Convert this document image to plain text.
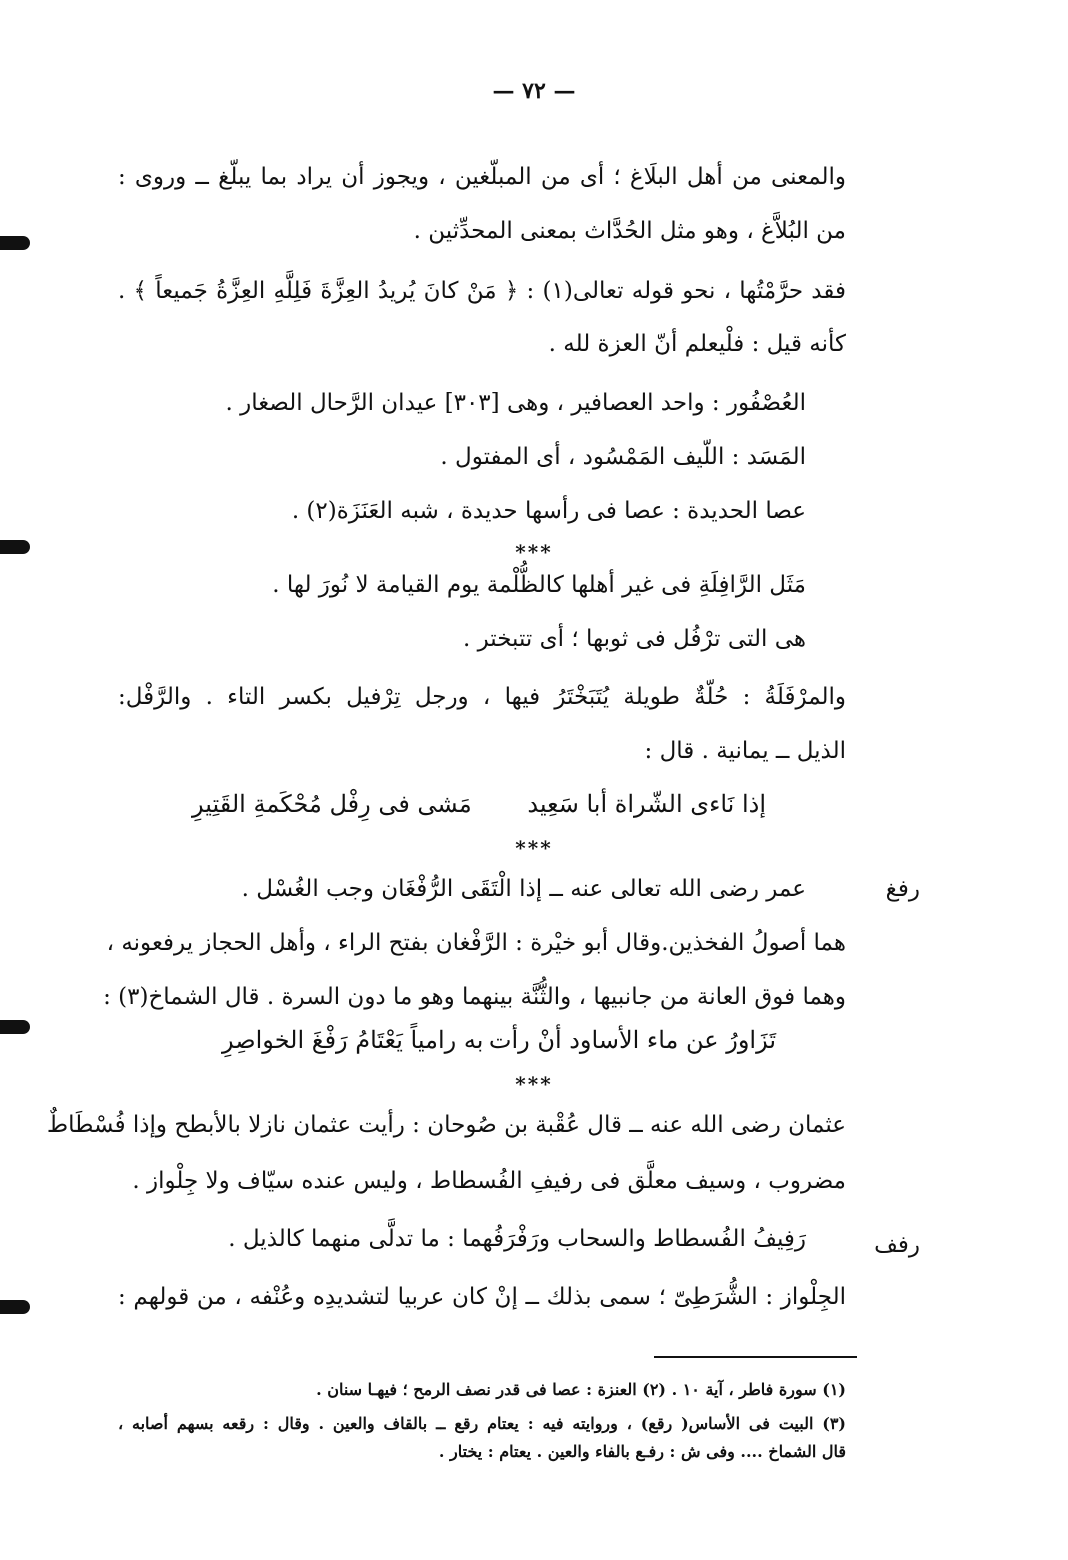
— ٧٢ —
والمعنى من أهل البلَاغ ؛ أى من المبلّغين ، ويجوز أن يراد بما يبلّغ ــ وروى :
من البُلاَّغ ، وهو مثل الحُدَّاث بمعنى المحدِّثين .
فقد حرَّمْتُها ، نحو قوله تعالى(١) : ﴿ مَنْ كانَ يُريدُ العِزَّةَ فَلِلَّهِ العِزَّةُ جَميعاً ﴾ .
كأنه قيل : فلْيعلم أنّ العزة لله .
العُصْفُور : واحد العصافير ، وهى [٣٠٣] عيدان الرَّحال الصغار .
المَسَد : اللّيف المَمْسُود ، أى المفتول .
عصا الحديدة : عصا فى رأسها حديدة ، شبه العَنَزَة(٢) .
***
مَثَل الرَّافِلَةِ فى غير أهلها كالظُّلْمة يوم القيامة لا نُورَ لها .
هى التى ترْفُل فى ثوبها ؛ أى تتبختر .
والمرْفَلَةُ : حُلّةٌ طويلة يُتَبَخْتَرُ فيها ، ورجل تِرْفيل بكسر التاء . والرَّفْل:
الذيل ــ يمانية . قال :
إذا نَاءى الشّراة أبا سَعِيد
مَشى فى رِفْل مُحْكَمةِ القَتِيرِ
***
رفغ
عمر رضى الله تعالى عنه ــ إذا الْتَقَى الرُّفْغَان وجب الغُسْل .
هما أصولُ الفخذين.وقال أبو خيْرة : الرَّفْغان بفتح الراء ، وأهل الحجاز يرفعونه ،
وهما فوق العانة من جانبيها ، والثُّنَّة بينهما وهو ما دون السرة . قال الشماخ(٣) :
تَزَاورُ عن ماء الأساود أنْ رأت
به رامياً يَعْتَامُ رَفْغَ الخواصِرِ
***
عثمان رضى الله عنه ــ قال عُقْبة بن صُوحان : رأيت عثمان نازلا بالأبطح وإذا فُسْطَاطٌ
مضروب ، وسيف معلَّق فى رفيفِ الفُسطاط ، وليس عنده سيّاف ولا جِلْواز .
رفف
رَفِيفُ الفُسطاط والسحاب ورَفْرَفُهما : ما تدلَّى منهما كالذيل .
الجِلْواز : الشُّرَطِىّ ؛ سمى بذلك ــ إنْ كان عربيا لتشديدِه وعُنْفه ، من قولهم :
(١) سورة فاطر ، آية ١٠ . (٢) العنزة : عصا فى قدر نصف الرمح ؛ فيهـا سنان .
(٣) البيت فى الأساس( رقع) ، وروايته فيه : يعتام رقع ــ بالقاف والعين . وقال : رقعه بسهم أصابه ،
قال الشماخ .... وفى ش : رفـع بالفاء والعين . يعتام : يختار .
